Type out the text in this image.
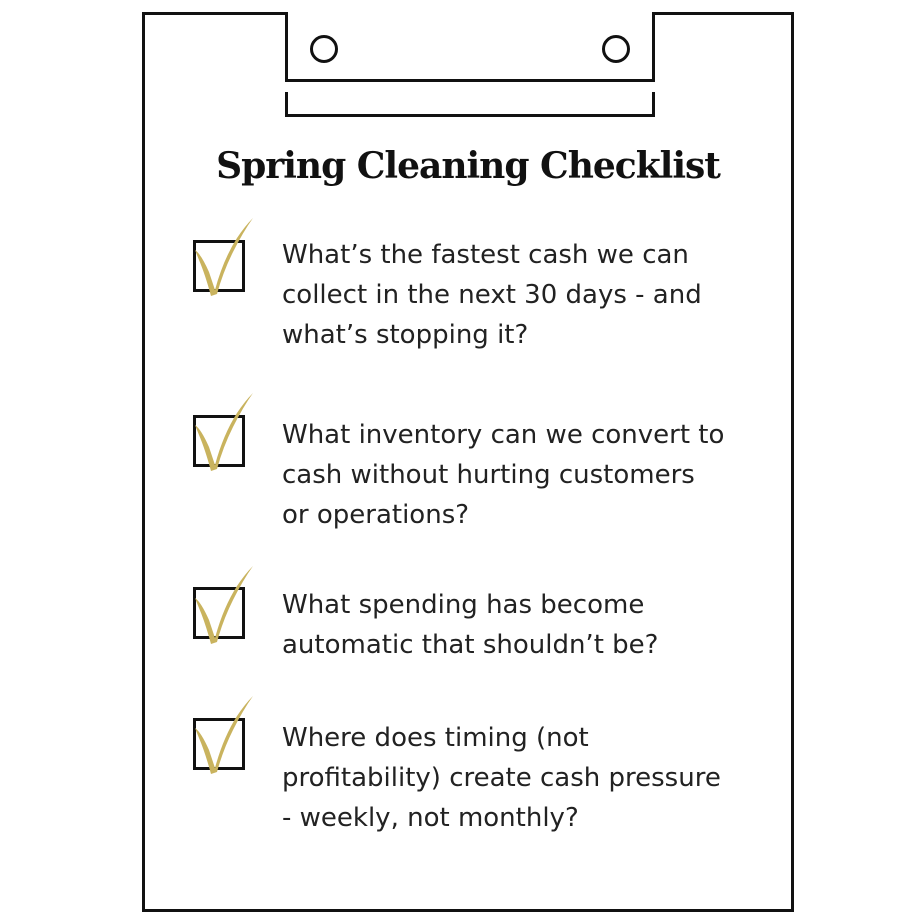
Spring Cleaning Checklist

What’s the fastest cash we can
collect in the next 30 days - and
what’s stopping it?

What inventory can we convert to
cash without hurting customers
or operations?

What spending has become
automatic that shouldn’t be?

Where does timing (not
profitability) create cash pressure
- weekly, not monthly?
